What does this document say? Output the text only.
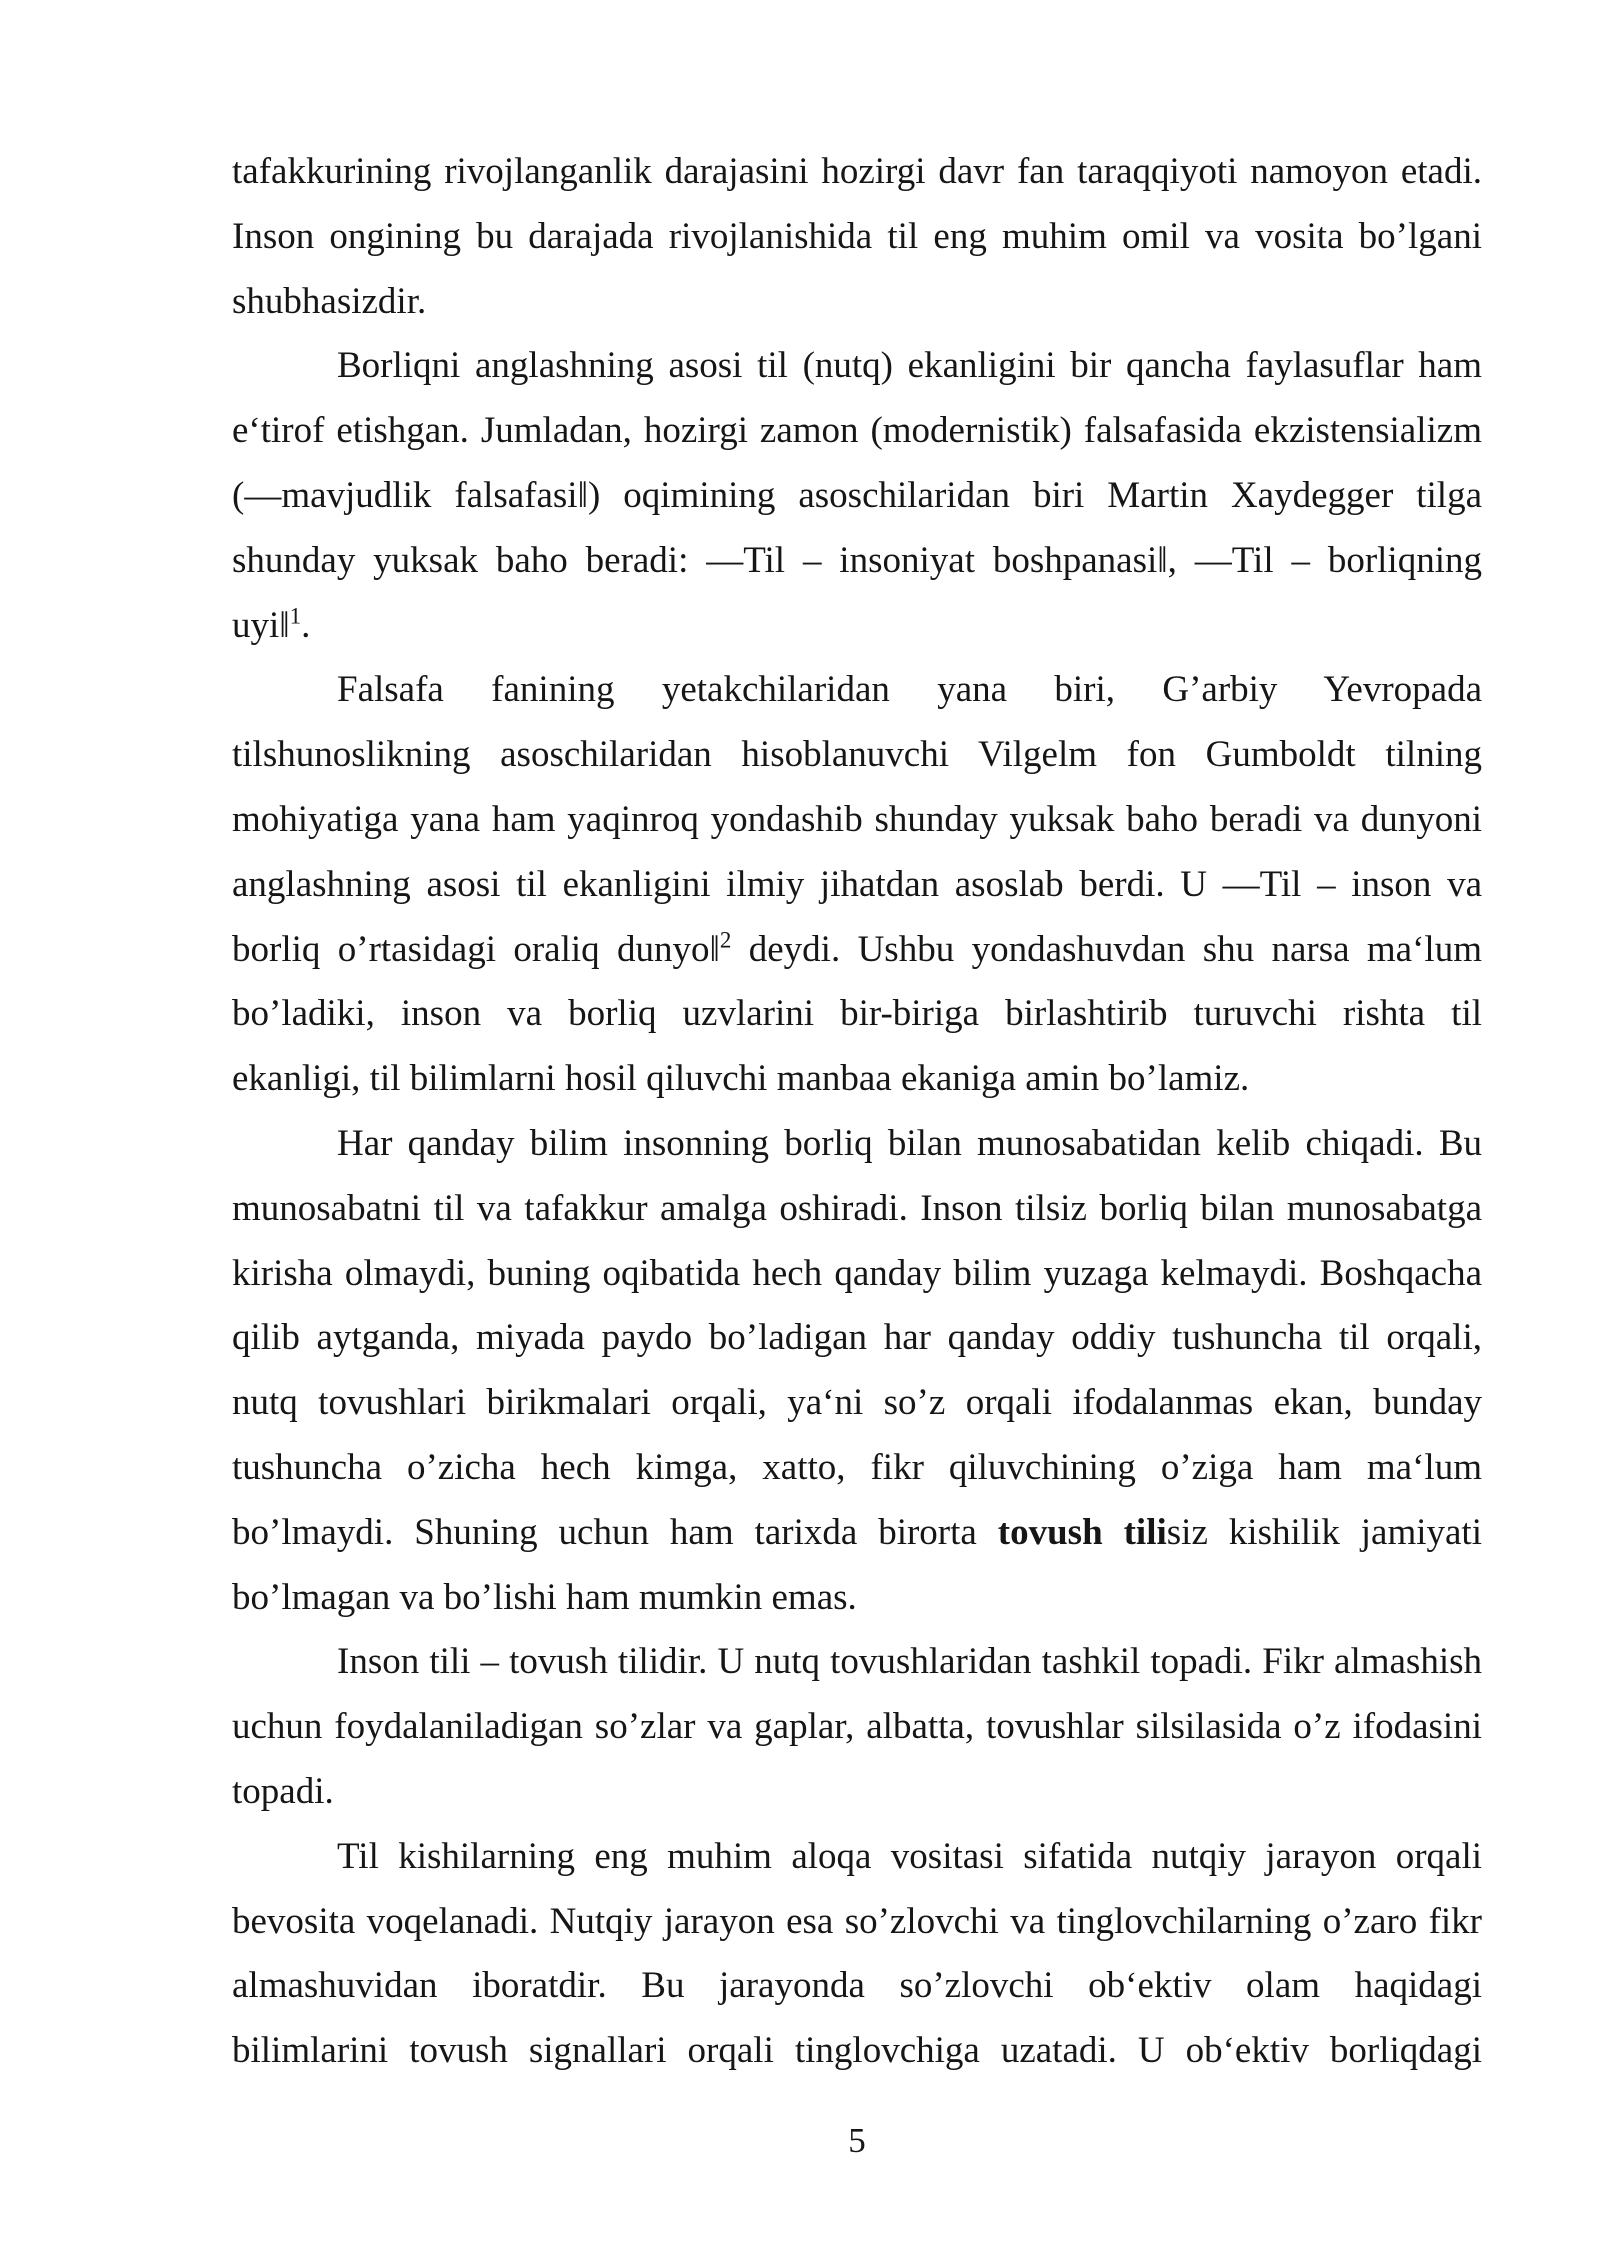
tafakkurining rivojlanganlik darajasini hozirgi davr fan taraqqiyoti namoyon etadi.
Inson ongining bu darajada rivojlanishida til eng muhim omil va vosita bo’lgani
shubhasizdir.
Borliqni anglashning asosi til (nutq) ekanligini bir qancha faylasuflar ham
e‘tirof etishgan. Jumladan, hozirgi zamon (modernistik) falsafasida ekzistensializm
(—mavjudlik falsafasi‖) oqimining asoschilaridan biri Martin Xaydegger tilga
shunday yuksak baho beradi: —Til – insoniyat boshpanasi‖, —Til – borliqning
uyi‖$^1$.
Falsafa fanining yetakchilaridan yana biri, G’arbiy Yevropada
tilshunoslikning asoschilaridan hisoblanuvchi Vilgelm fon Gumboldt tilning
mohiyatiga yana ham yaqinroq yondashib shunday yuksak baho beradi va dunyoni
anglashning asosi til ekanligini ilmiy jihatdan asoslab berdi. U —Til – inson va
borliq o’rtasidagi oraliq dunyo‖$^2$ deydi. Ushbu yondashuvdan shu narsa ma‘lum
bo’ladiki, inson va borliq uzvlarini bir-biriga birlashtirib turuvchi rishta til
ekanligi, til bilimlarni hosil qiluvchi manbaa ekaniga amin bo’lamiz.
Har qanday bilim insonning borliq bilan munosabatidan kelib chiqadi. Bu
munosabatni til va tafakkur amalga oshiradi. Inson tilsiz borliq bilan munosabatga
kirisha olmaydi, buning oqibatida hech qanday bilim yuzaga kelmaydi. Boshqacha
qilib aytganda, miyada paydo bo’ladigan har qanday oddiy tushuncha til orqali,
nutq tovushlari birikmalari orqali, ya‘ni so’z orqali ifodalanmas ekan, bunday
tushuncha o’zicha hech kimga, xatto, fikr qiluvchining o’ziga ham ma‘lum
bo’lmaydi. Shuning uchun ham tarixda birorta tovush tilisiz kishilik jamiyati
bo’lmagan va bo’lishi ham mumkin emas.
Inson tili – tovush tilidir. U nutq tovushlaridan tashkil topadi. Fikr almashish
uchun foydalaniladigan so’zlar va gaplar, albatta, tovushlar silsilasida o’z ifodasini
topadi.
Til kishilarning eng muhim aloqa vositasi sifatida nutqiy jarayon orqali
bevosita voqelanadi. Nutqiy jarayon esa so’zlovchi va tinglovchilarning o’zaro fikr
almashuvidan iboratdir. Bu jarayonda so’zlovchi ob‘ektiv olam haqidagi
bilimlarini tovush signallari orqali tinglovchiga uzatadi. U ob‘ektiv borliqdagi
5
